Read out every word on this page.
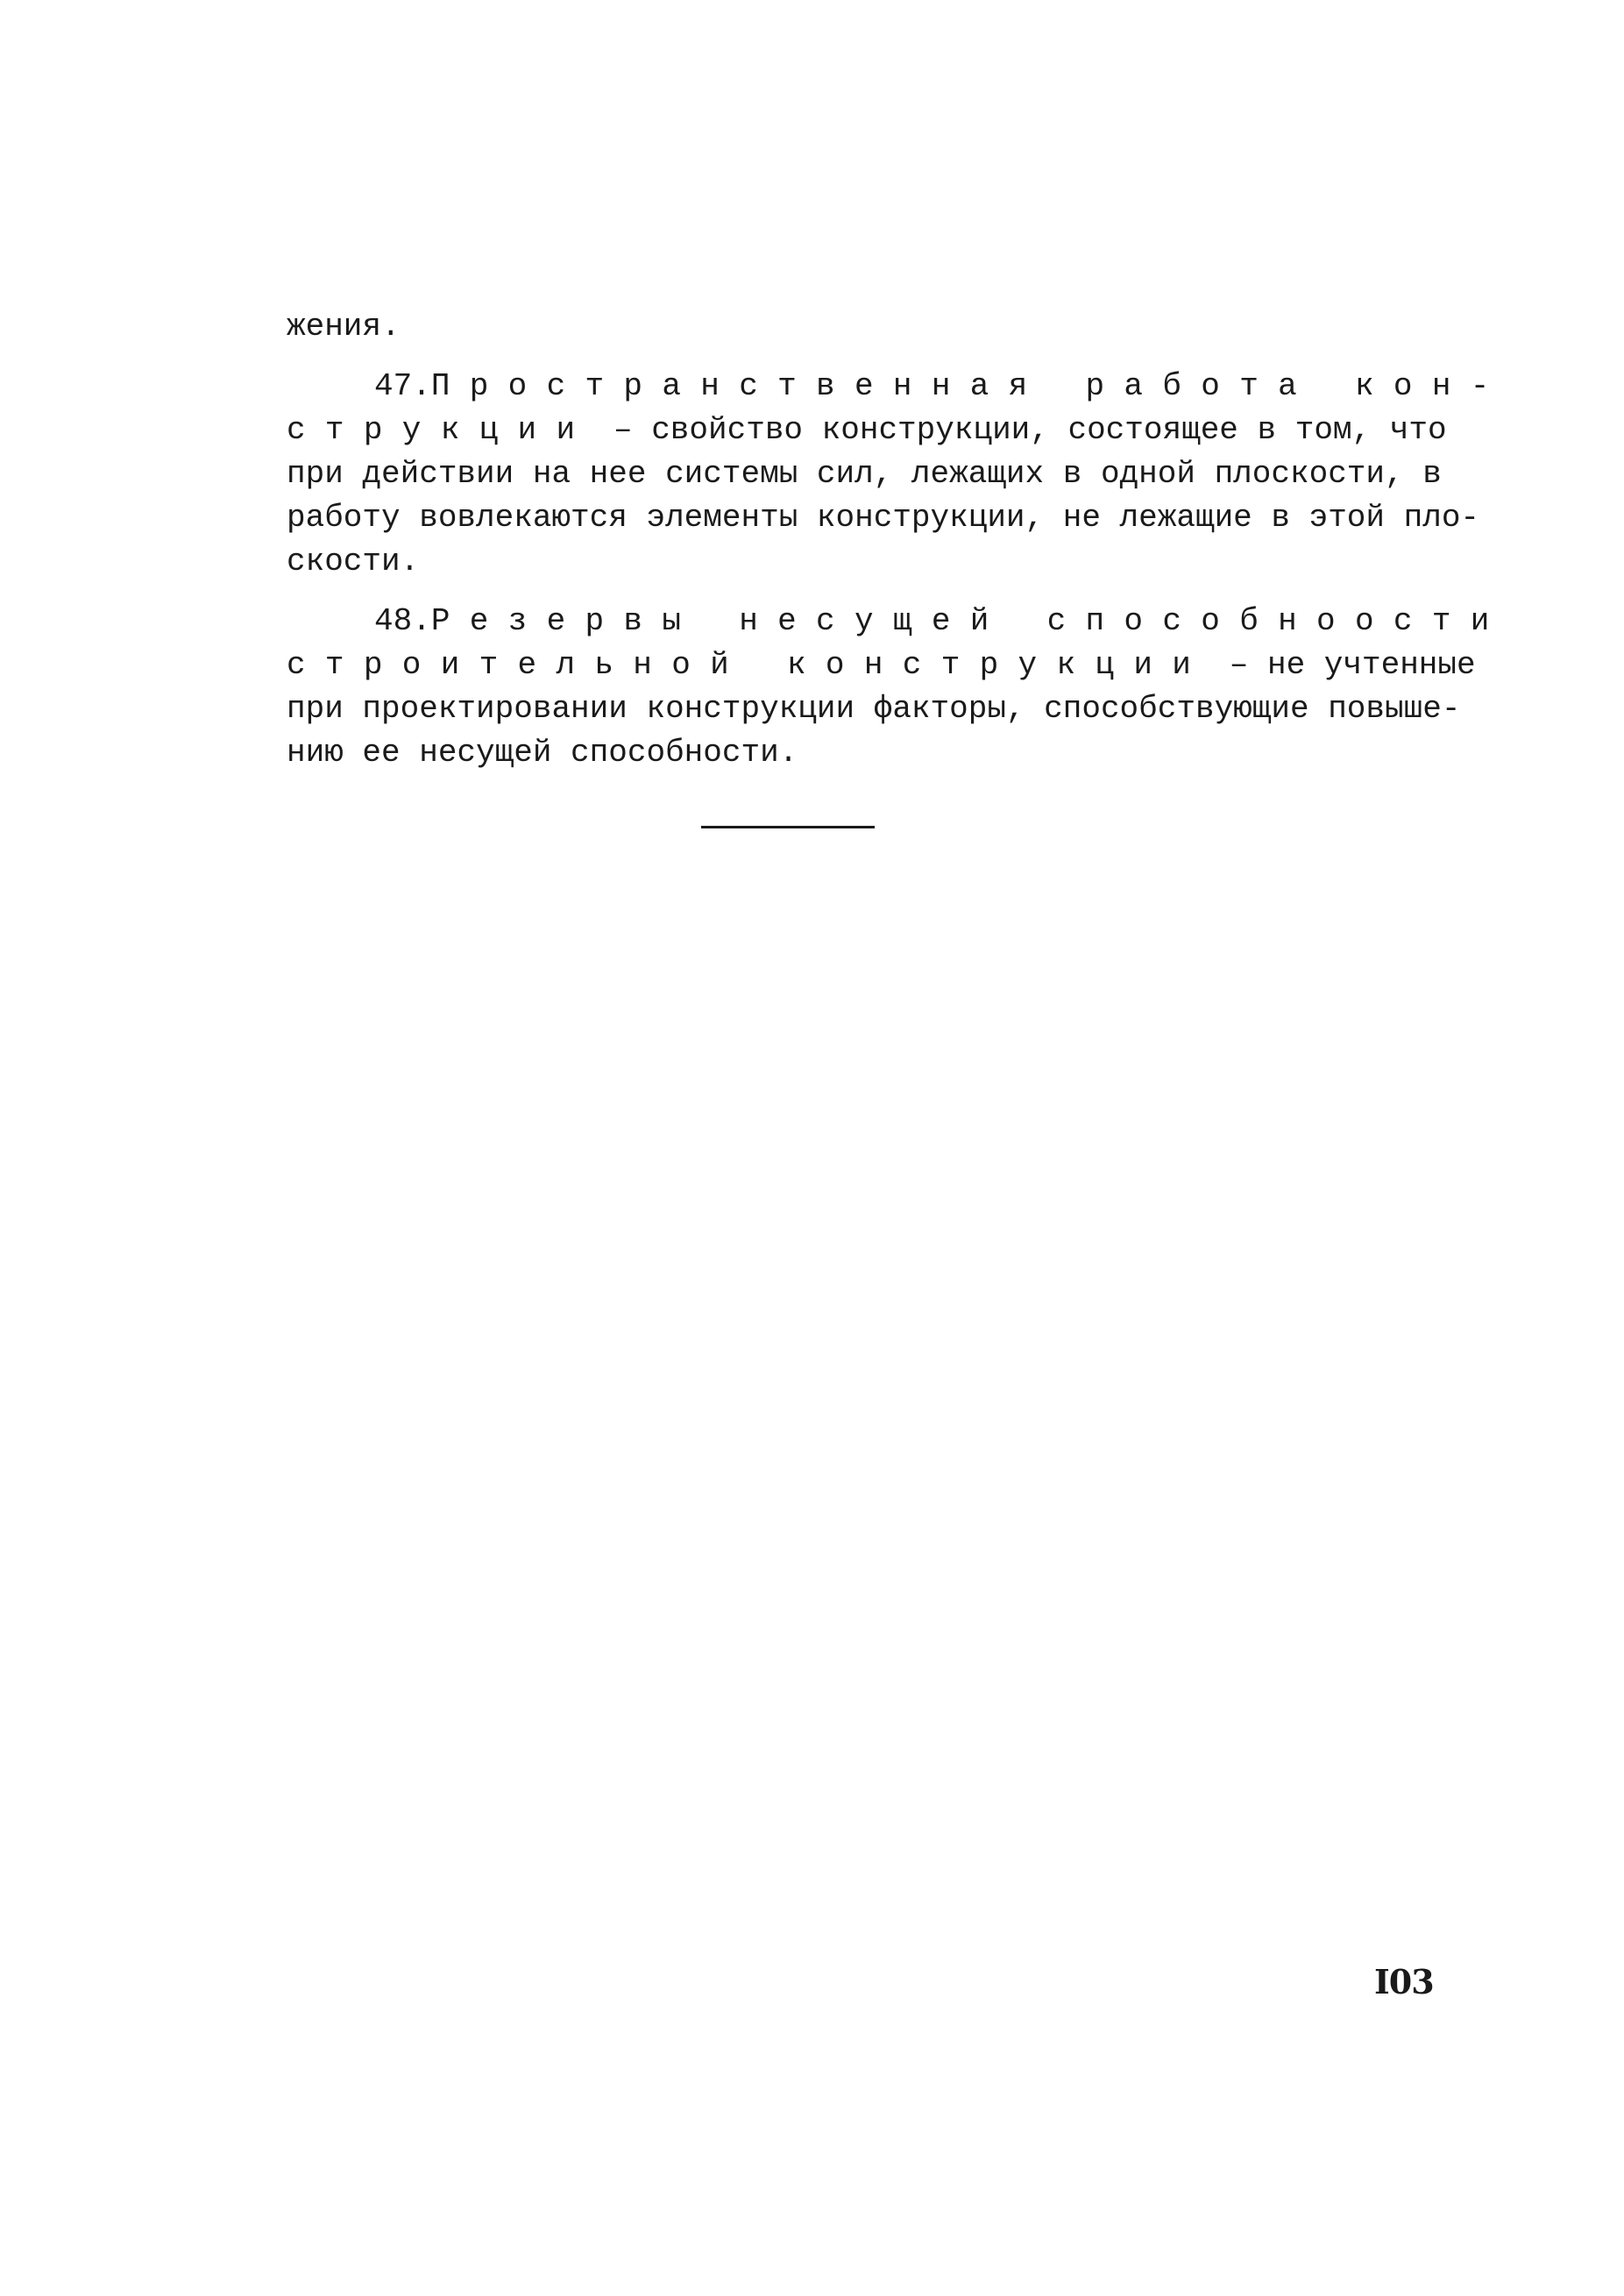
жения.
47.Пространственная работа кон-
струкции – свойство конструкции, состоящее в том, что
при действии на нее системы сил, лежащих в одной плоскости, в
работу вовлекаются элементы конструкции, не лежащие в этой пло-
скости.
48.Резервы несущей способноости
строительной конструкции – не учтенные
при проектировании конструкции факторы, способствующие повыше-
нию ее несущей способности.
I03
